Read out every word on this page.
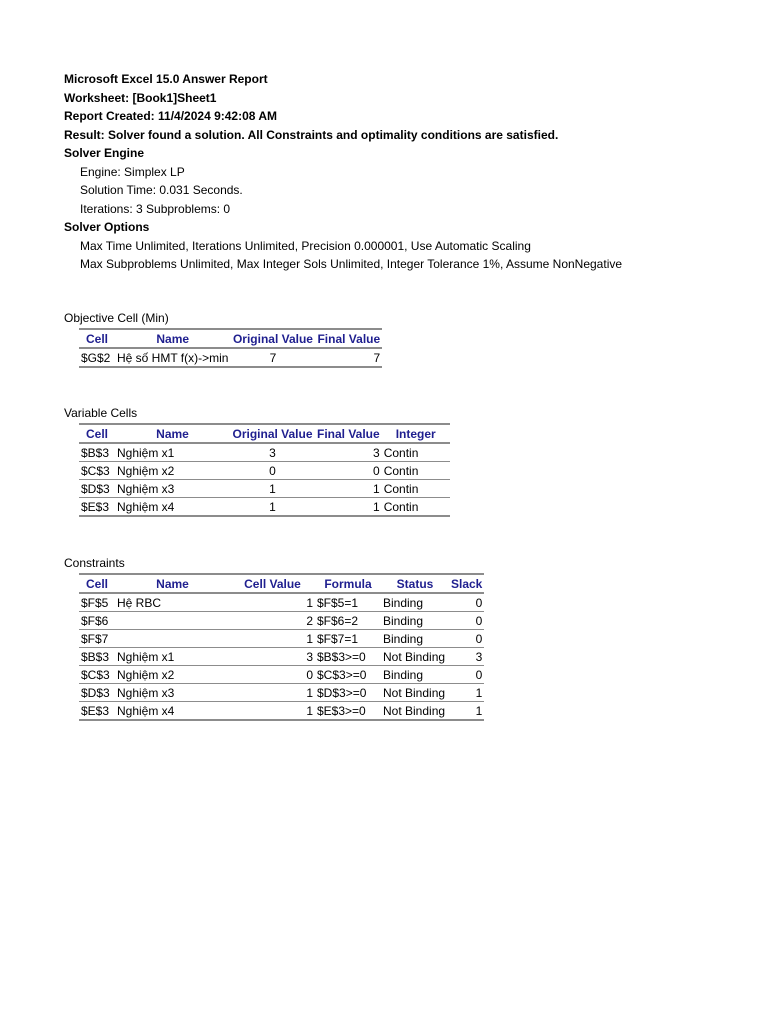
Microsoft Excel 15.0 Answer Report
Worksheet: [Book1]Sheet1
Report Created: 11/4/2024 9:42:08 AM
Result: Solver found a solution. All Constraints and optimality conditions are satisfied.
Solver Engine
Engine: Simplex LP
Solution Time: 0.031 Seconds.
Iterations: 3 Subproblems: 0
Solver Options
Max Time Unlimited, Iterations Unlimited, Precision 0.000001, Use Automatic Scaling
Max Subproblems Unlimited, Max Integer Sols Unlimited, Integer Tolerance 1%, Assume NonNegative
Objective Cell (Min)
Cell	Name	Original Value	Final Value
$G$2	Hệ số HMT f(x)->min	7	7
Variable Cells
Cell	Name	Original Value	Final Value	Integer
$B$3	Nghiệm x1	3	3	Contin
$C$3	Nghiệm x2	0	0	Contin
$D$3	Nghiệm x3	1	1	Contin
$E$3	Nghiệm x4	1	1	Contin
Constraints
Cell	Name	Cell Value	Formula	Status	Slack
$F$5	Hệ RBC	1	$F$5=1	Binding	0
$F$6		2	$F$6=2	Binding	0
$F$7		1	$F$7=1	Binding	0
$B$3	Nghiệm x1	3	$B$3>=0	Not Binding	3
$C$3	Nghiệm x2	0	$C$3>=0	Binding	0
$D$3	Nghiệm x3	1	$D$3>=0	Not Binding	1
$E$3	Nghiệm x4	1	$E$3>=0	Not Binding	1
